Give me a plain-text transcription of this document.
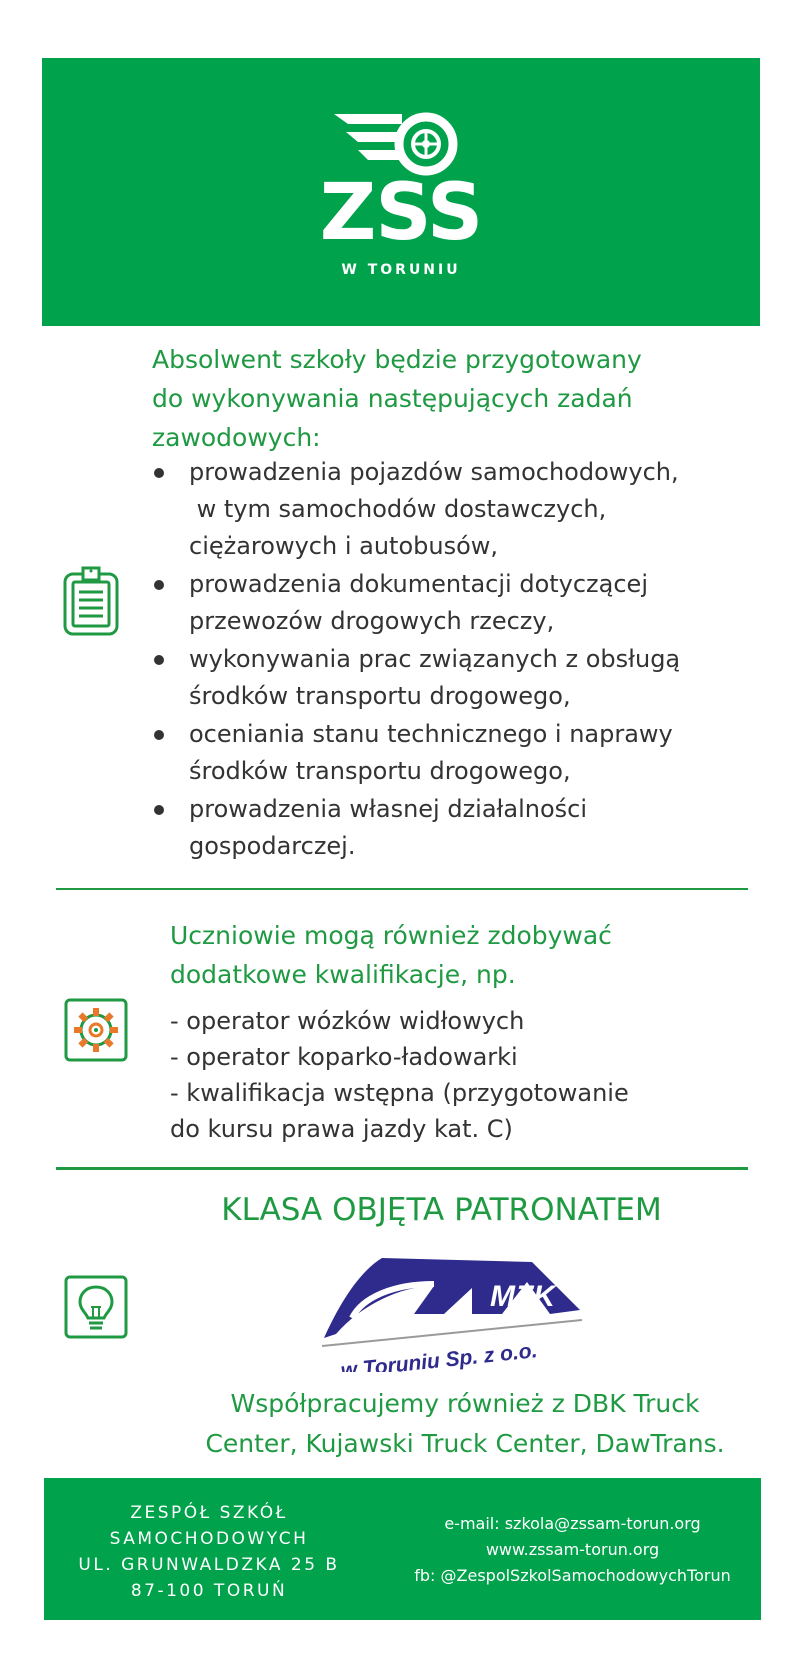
ZSS
W TORUNIU
Absolwent szkoły będzie przygotowany
do wykonywania następujących zadań
zawodowych:
prowadzenia pojazdów samochodowych,
w tym samochodów dostawczych,
ciężarowych i autobusów,
prowadzenia dokumentacji dotyczącej
przewozów drogowych rzeczy,
wykonywania prac związanych z obsługą
środków transportu drogowego,
oceniania stanu technicznego i naprawy
środków transportu drogowego,
prowadzenia własnej działalności
gospodarczej.
Uczniowie mogą również zdobywać
dodatkowe kwalifikacje, np.
- operator wózków widłowych
- operator koparko-ładowarki
- kwalifikacja wstępna (przygotowanie
do kursu prawa jazdy kat. C)
KLASA OBJĘTA PATRONATEM
MZK
w Toruniu Sp. z o.o.
Współpracujemy również z DBK Truck
Center, Kujawski Truck Center, DawTrans.
ZESPÓŁ SZKÓŁ
SAMOCHODOWYCH
UL. GRUNWALDZKA 25 B
87-100 TORUŃ
e-mail: szkola@zssam-torun.org
www.zssam-torun.org
fb: @ZespolSzkolSamochodowychTorun
